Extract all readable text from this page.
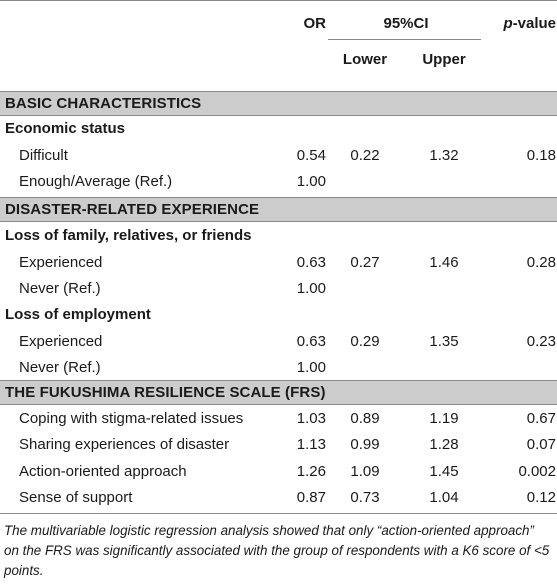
OR	95%CI
Lower	Upper
p-value
BASIC CHARACTERISTICS
Economic status
Difficult	0.54	0.22	1.32	0.18
Enough/Average (Ref.)	1.00
DISASTER-RELATED EXPERIENCE
Loss of family, relatives, or friends
Experienced	0.63	0.27	1.46	0.28
Never (Ref.)	1.00
Loss of employment
Experienced	0.63	0.29	1.35	0.23
Never (Ref.)	1.00
THE FUKUSHIMA RESILIENCE SCALE (FRS)
Coping with stigma-related issues	1.03	0.89	1.19	0.67
Sharing experiences of disaster	1.13	0.99	1.28	0.07
Action-oriented approach	1.26	1.09	1.45	0.002
Sense of support	0.87	0.73	1.04	0.12
The multivariable logistic regression analysis showed that only “action-oriented approach” on the FRS was significantly associated with the group of respondents with a K6 score of <5 points.
